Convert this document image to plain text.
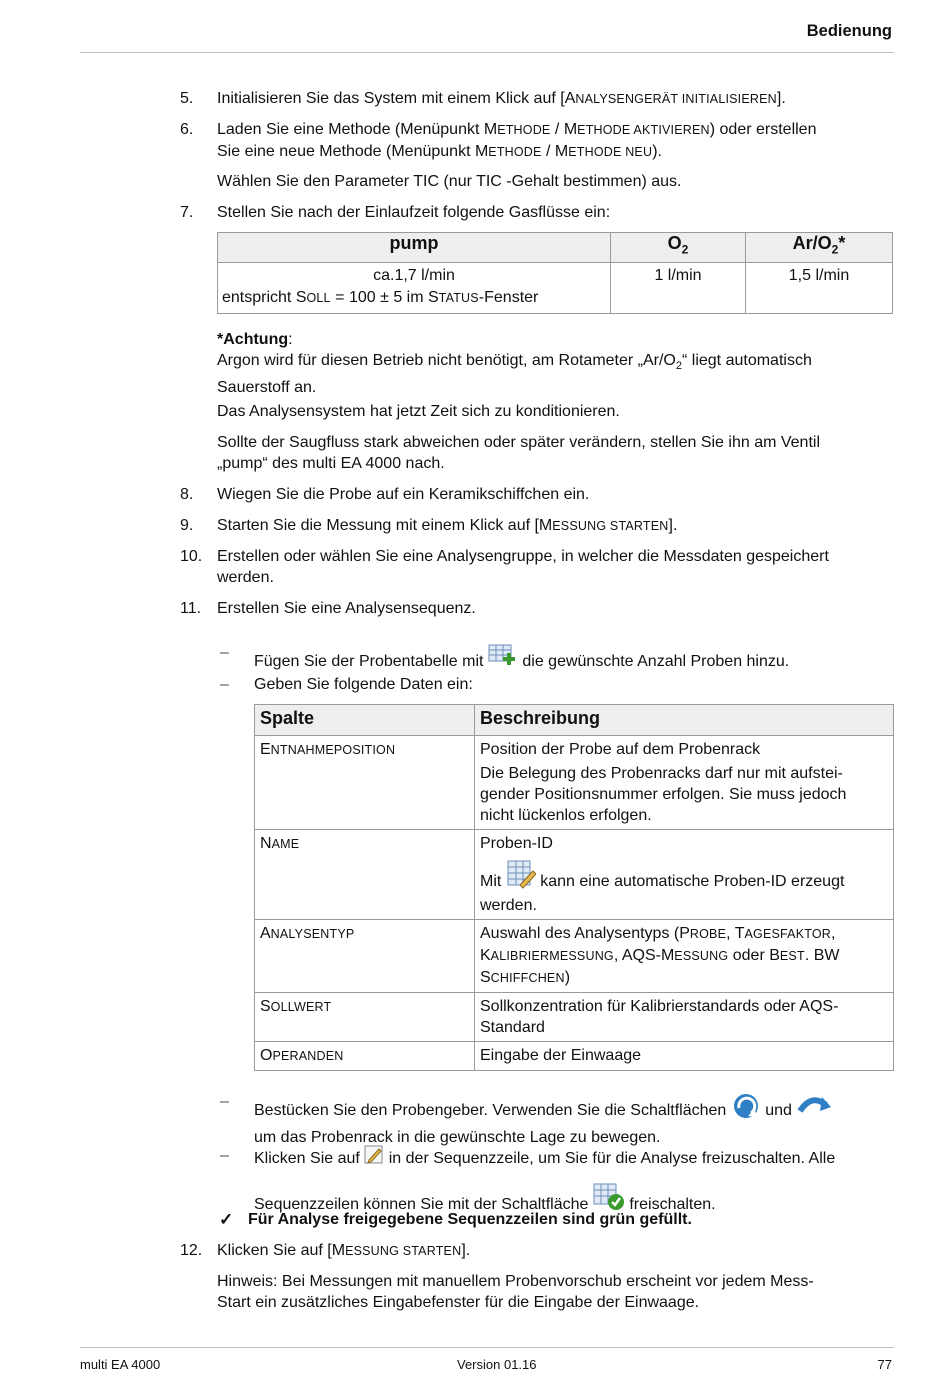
Bedienung
5. Initialisieren Sie das System mit einem Klick auf [ANALYSENGERÄT INITIALISIEREN].
6. Laden Sie eine Methode (Menüpunkt METHODE / METHODE AKTIVIEREN) oder erstellen
Sie eine neue Methode (Menüpunkt METHODE / METHODE NEU).
Wählen Sie den Parameter TIC (nur TIC -Gehalt bestimmen) aus.
7. Stellen Sie nach der Einlaufzeit folgende Gasflüsse ein:
pump	$O_2$	$Ar/O_2*$

ca.1,7 l/min
entspricht SOLL = 100 ± 5 im STATUS-Fenster	1 l/min	1,5 l/min
*Achtung:
Argon wird für diesen Betrieb nicht benötigt, am Rotameter $„Ar/O_2“$ liegt automatisch
Sauerstoff an.
Das Analysensystem hat jetzt Zeit sich zu konditionieren.
Sollte der Saugfluss stark abweichen oder später verändern, stellen Sie ihn am Ventil
„pump“ des multi EA 4000 nach.
8. Wiegen Sie die Probe auf ein Keramikschiffchen ein.
9. Starten Sie die Messung mit einem Klick auf [MESSUNG STARTEN].
10. Erstellen oder wählen Sie eine Analysengruppe, in welcher die Messdaten gespeichert
werden.
11. Erstellen Sie eine Analysensequenz.
–
Fügen Sie der Probentabelle mit die gewünschte Anzahl Proben hinzu.
– Geben Sie folgende Daten ein:
Spalte	Beschreibung
ENTNAHMEPOSITION	Position der Probe auf dem Probenrack
Die Belegung des Probenracks darf nur mit aufstei-
gender Positionsnummer erfolgen. Sie muss jedoch
nicht lückenlos erfolgen.

NAME	Proben-ID
Mit kann eine automatische Proben-ID erzeugt
werden.

ANALYSENTYP	Auswahl des Analysentyps (PROBE, TAGESFAKTOR,
KALIBRIERMESSUNG, AQS-MESSUNG oder BEST. BW
SCHIFFCHEN)

SOLLWERT	Sollkonzentration für Kalibrierstandards oder AQS-
Standard

OPERANDEN	Eingabe der Einwaage
–
Bestücken Sie den Probengeber. Verwenden Sie die Schaltflächen und
um das Probenrack in die gewünschte Lage zu bewegen.
– Klicken Sie auf in der Sequenzzeile, um Sie für die Analyse freizuschalten. Alle
Sequenzzeilen können Sie mit der Schaltfläche	freischalten.
✓ Für Analyse freigegebene Sequenzzeilen sind grün gefüllt.
12. Klicken Sie auf [MESSUNG STARTEN].
Hinweis: Bei Messungen mit manuellem Probenvorschub erscheint vor jedem Mess-
Start ein zusätzliches Eingabefenster für die Eingabe der Einwaage.
multi EA 4000	Version 01.16	77
